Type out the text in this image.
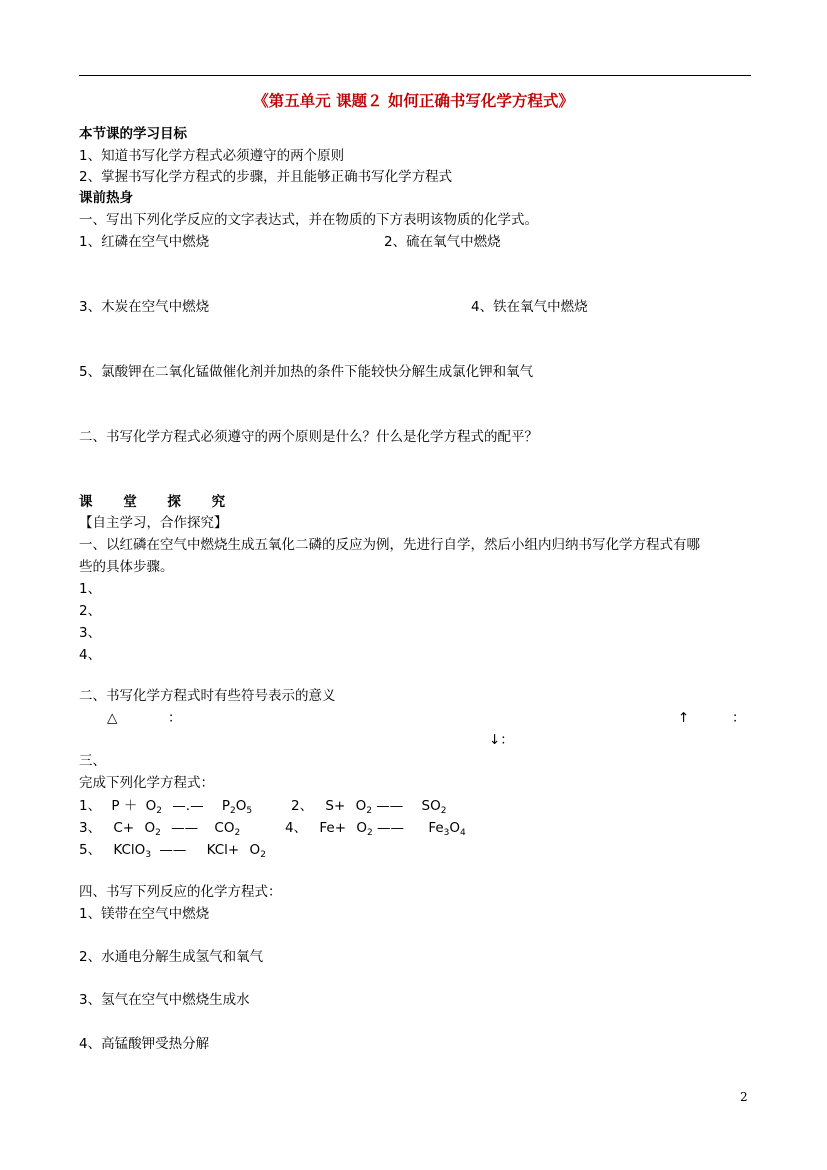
《第五单元 课题２ 如何正确书写化学方程式》
本节课的学习目标
1、知道书写化学方程式必须遵守的两个原则
2、掌握书写化学方程式的步骤，并且能够正确书写化学方程式
课前热身
一、写出下列化学反应的文字表达式，并在物质的下方表明该物质的化学式。
1、红磷在空气中燃烧	2、硫在氧气中燃烧
3、木炭在空气中燃烧	4、铁在氧气中燃烧
5、氯酸钾在二氧化锰做催化剂并加热的条件下能较快分解生成氯化钾和氧气
二、书写化学方程式必须遵守的两个原则是什么？什么是化学方程式的配平？
课 堂 探 究
【自主学习，合作探究】
一、以红磷在空气中燃烧生成五氧化二磷的反应为例，先进行自学，然后小组内归纳书写化学方程式有哪
些的具体步骤。
1、
2、
3、
4、
二、书写化学方程式时有些符号表示的意义
△	：	↑	：
↓：
三、
完成下列化学方程式：
1、 $P + O_2$ —.— $P_2O_5$	2、 $S+ O_2$ —— $SO_2$
3、 $C+ O_2$ —— $CO_2$	4、 $Fe+ O_2$ —— $Fe_3O_4$
5、 KClO$_3$ —— $KCl+ O_2$
四、书写下列反应的化学方程式：
1、镁带在空气中燃烧
2、水通电分解生成氢气和氧气
3、氢气在空气中燃烧生成水
4、高锰酸钾受热分解
2
